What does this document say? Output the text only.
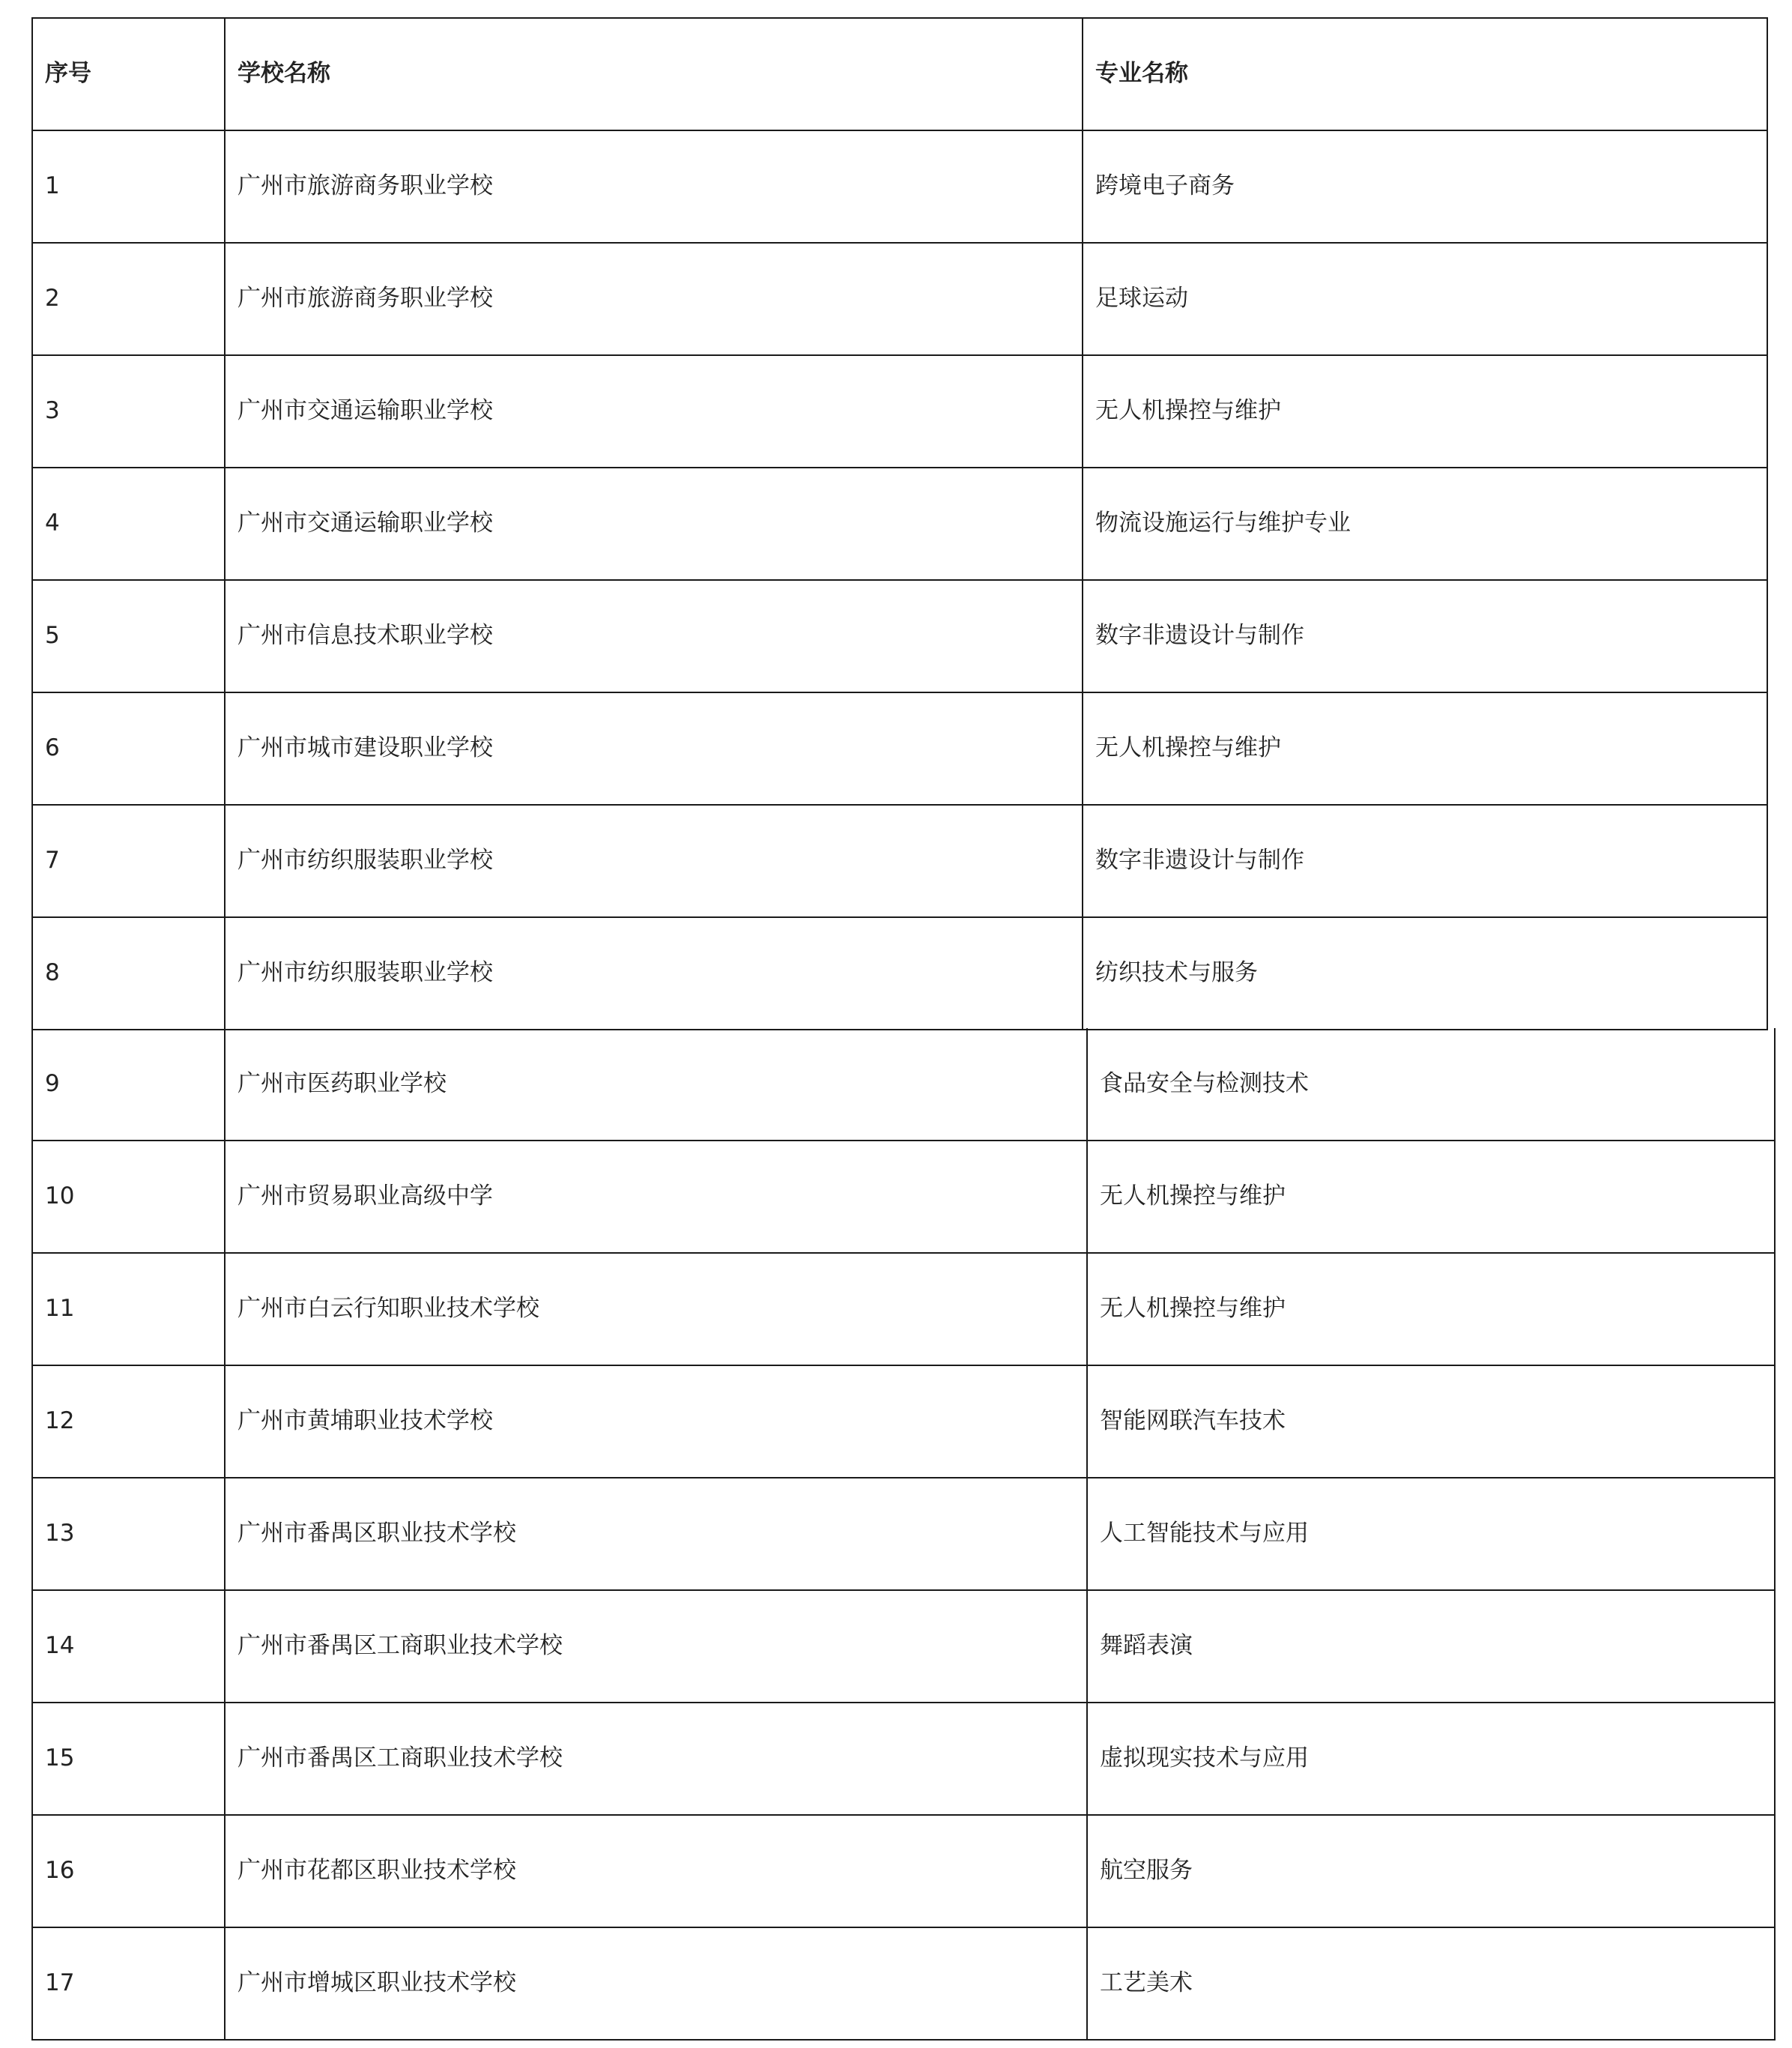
序号	学校名称	专业名称
1	广州市旅游商务职业学校	跨境电子商务
2	广州市旅游商务职业学校	足球运动
3	广州市交通运输职业学校	无人机操控与维护
4	广州市交通运输职业学校	物流设施运行与维护专业
5	广州市信息技术职业学校	数字非遗设计与制作
6	广州市城市建设职业学校	无人机操控与维护
7	广州市纺织服装职业学校	数字非遗设计与制作
8	广州市纺织服装职业学校	纺织技术与服务
9	广州市医药职业学校	食品安全与检测技术
10	广州市贸易职业高级中学	无人机操控与维护
11	广州市白云行知职业技术学校	无人机操控与维护
12	广州市黄埔职业技术学校	智能网联汽车技术
13	广州市番禺区职业技术学校	人工智能技术与应用
14	广州市番禺区工商职业技术学校	舞蹈表演
15	广州市番禺区工商职业技术学校	虚拟现实技术与应用
16	广州市花都区职业技术学校	航空服务
17	广州市增城区职业技术学校	工艺美术
